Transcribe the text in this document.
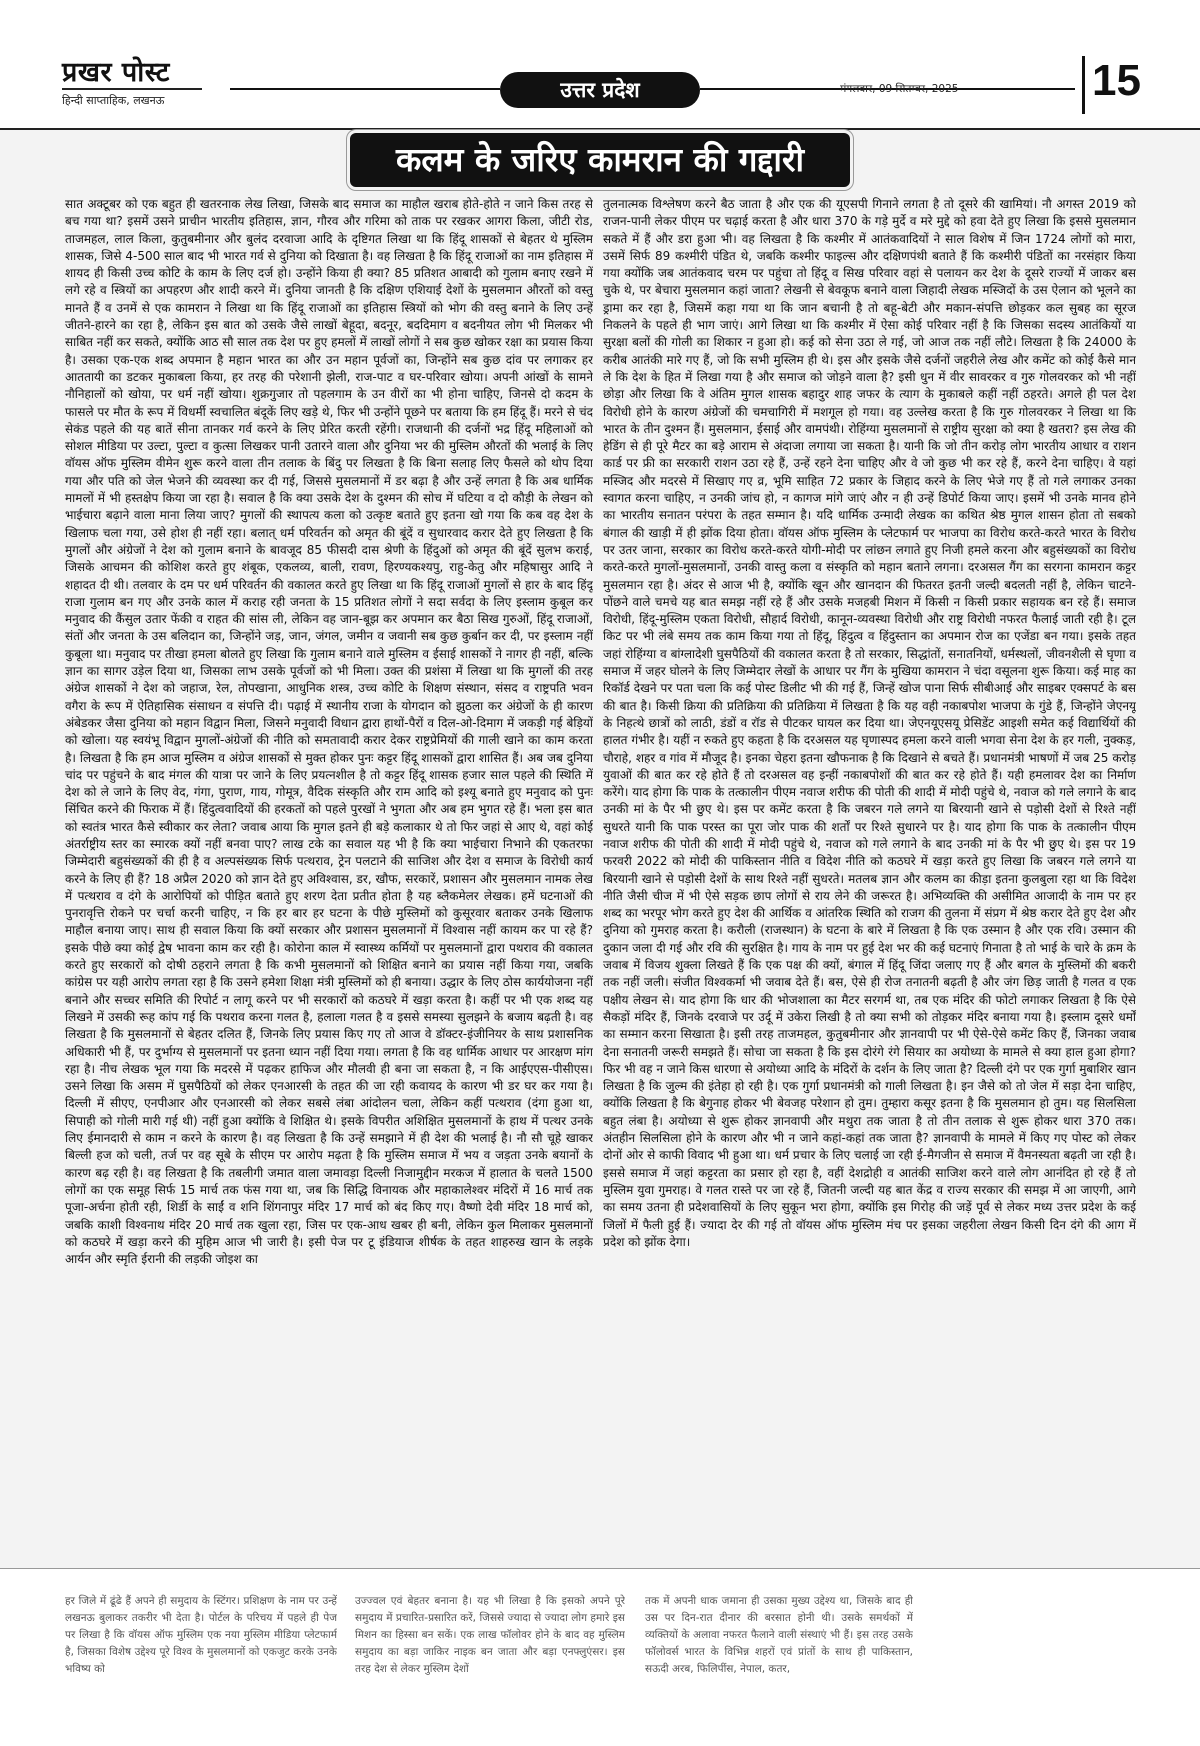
प्रखर पोस्ट
हिन्दी साप्ताहिक, लखनऊ	उत्तर प्रदेश	मंगलवार, 09 सितम्बर, 2025	15
कलम के जरिए कामरान की गद्दारी

सात अक्टूबर को एक बहुत ही खतरनाक लेख लिखा, जिसके बाद समाज का माहौल खराब होते-होते न जाने किस तरह से बच गया था? इसमें उसने प्राचीन भारतीय इतिहास, ज्ञान, गौरव और गरिमा को ताक पर रखकर आगरा किला, जीटी रोड, ताजमहल, लाल किला, कुतुबमीनार और बुलंद दरवाजा आदि के दृष्टिगत लिखा था कि हिंदू शासकों से बेहतर थे मुस्लिम शासक, जिसे 4-500 साल बाद भी भारत गर्व से दुनिया को दिखाता है। वह लिखता है कि हिंदू राजाओं का नाम इतिहास में शायद ही किसी उच्च कोटि के काम के लिए दर्ज हो। उन्होंने किया ही क्या? 85 प्रतिशत आबादी को गुलाम बनाए रखने में लगे रहे व स्त्रियों का अपहरण और शादी करने में। दुनिया जानती है कि दक्षिण एशियाई देशों के मुसलमान औरतों को वस्तु मानते हैं व उनमें से एक कामरान ने लिखा था कि हिंदू राजाओं का इतिहास स्त्रियों को भोग की वस्तु बनाने के लिए उन्हें जीतने-हारने का रहा है, लेकिन इस बात को उसके जैसे लाखों बेहूदा, बदनूर, बददिमाग व बदनीयत लोग भी मिलकर भी साबित नहीं कर सकते, क्योंकि आठ सौ साल तक देश पर हुए हमलों में लाखों लोगों ने सब कुछ खोकर रक्षा का प्रयास किया है। उसका एक-एक शब्द अपमान है महान भारत का और उन महान पूर्वजों का, जिन्होंने सब कुछ दांव पर लगाकर हर आततायी का डटकर मुकाबला किया, हर तरह की परेशानी झेली, राज-पाट व घर-परिवार खोया। अपनी आंखों के सामने नौनिहालों को खोया, पर धर्म नहीं खोया। शुक्रगुजार तो पहलगाम के उन वीरों का भी होना चाहिए, जिनसे दो कदम के फासले पर मौत के रूप में विधर्मी स्वचालित बंदूकें लिए खड़े थे, फिर भी उन्होंने पूछने पर बताया कि हम हिंदू हैं। मरने से चंद सेकंड पहले की यह बातें सीना तानकर गर्व करने के लिए प्रेरित करती रहेंगी। राजधानी की दर्जनों भद्र हिंदू महिलाओं को सोशल मीडिया पर उल्टा, पुल्टा व कुत्सा लिखकर पानी उतारने वाला और दुनिया भर की मुस्लिम औरतों की भलाई के लिए वॉयस ऑफ मुस्लिम वीमेन शुरू करने वाला तीन तलाक के बिंदु पर लिखता है कि बिना सलाह लिए फैसले को थोप दिया गया और पति को जेल भेजने की व्यवस्था कर दी गई, जिससे मुसलमानों में डर बढ़ा है और उन्हें लगता है कि अब धार्मिक मामलों में भी हस्तक्षेप किया जा रहा है। सवाल है कि क्या उसके देश के दुश्मन की सोच में घटिया व दो कौड़ी के लेखन को भाईचारा बढ़ाने वाला माना लिया जाए? मुगलों की स्थापत्य कला को उत्कृष्ट बताते हुए इतना खो गया कि कब वह देश के खिलाफ चला गया, उसे होश ही नहीं रहा। बलात् धर्म परिवर्तन को अमृत की बूंदें व सुधारवाद करार देते हुए लिखता है कि मुगलों और अंग्रेजों ने देश को गुलाम बनाने के बावजूद 85 फीसदी दास श्रेणी के हिंदुओं को अमृत की बूंदें सुलभ कराई, जिसके आचमन की कोशिश करते हुए शंबूक, एकलव्य, बाली, रावण, हिरण्यकश्यपु, राहु-केतु और महिषासुर आदि ने शहादत दी थी। तलवार के दम पर धर्म परिवर्तन की वकालत करते हुए लिखा था कि हिंदू राजाओं मुगलों से हार के बाद हिंदू राजा गुलाम बन गए और उनके काल में कराह रही जनता के 15 प्रतिशत लोगों ने सदा सर्वदा के लिए इस्लाम कुबूल कर मनुवाद की कैंसुल उतार फेंकी व राहत की सांस ली, लेकिन वह जान-बूझ कर अपमान कर बैठा सिख गुरुओं, हिंदू राजाओं, संतों और जनता के उस बलिदान का, जिन्होंने जड़, जान, जंगल, जमीन व जवानी सब कुछ कुर्बान कर दी, पर इस्लाम नहीं कुबूला था। मनुवाद पर तीखा हमला बोलते हुए लिखा कि गुलाम बनाने वाले मुस्लिम व ईसाई शासकों ने नागर ही नहीं, बल्कि ज्ञान का सागर उड़ेल दिया था, जिसका लाभ उसके पूर्वजों को भी मिला। उक्त की प्रशंसा में लिखा था कि मुगलों की तरह अंग्रेज शासकों ने देश को जहाज, रेल, तोपखाना, आधुनिक शस्त्र, उच्च कोटि के शिक्षण संस्थान, संसद व राष्ट्रपति भवन वगैरा के रूप में ऐतिहासिक संसाधन व संपत्ति दी। पढ़ाई में स्थानीय राजा के योगदान को झुठला कर अंग्रेजों के ही कारण अंबेडकर जैसा दुनिया को महान विद्वान मिला, जिसने मनुवादी विधान द्वारा हाथों-पैरों व दिल-ओ-दिमाग में जकड़ी गई बेड़ियों को खोला। यह स्वयंभू विद्वान मुगलों-अंग्रेजों की नीति को समतावादी करार देकर राष्ट्रप्रेमियों की गाली खाने का काम करता है। लिखता है कि हम आज मुस्लिम व अंग्रेज शासकों से मुक्त होकर पुनः कट्टर हिंदू शासकों द्वारा शासित हैं। अब जब दुनिया चांद पर पहुंचने के बाद मंगल की यात्रा पर जाने के लिए प्रयत्नशील है तो कट्टर हिंदू शासक हजार साल पहले की स्थिति में देश को ले जाने के लिए वेद, गंगा, पुराण, गाय, गोमूत्र, वैदिक संस्कृति और राम आदि को इश्यू बनाते हुए मनुवाद को पुनः सिंचित करने की फिराक में हैं। हिंदुत्ववादियों की हरकतों को पहले पुरखों ने भुगता और अब हम भुगत रहे हैं। भला इस बात को स्वतंत्र भारत कैसे स्वीकार कर लेता? जवाब आया कि मुगल इतने ही बड़े कलाकार थे तो फिर जहां से आए थे, वहां कोई अंतर्राष्ट्रीय स्तर का स्मारक क्यों नहीं बनवा पाए? लाख टके का सवाल यह भी है कि क्या भाईचारा निभाने की एकतरफा जिम्मेदारी बहुसंख्यकों की ही है व अल्पसंख्यक सिर्फ पत्थराव, ट्रेन पलटाने की साजिश और देश व समाज के विरोधी कार्य करने के लिए ही हैं? 18 अप्रैल 2020 को ज्ञान देते हुए अविश्वास, डर, खौफ, सरकारें, प्रशासन और मुसलमान नामक लेख में पत्थराव व दंगे के आरोपियों को पीड़ित बताते हुए शरण देता प्रतीत होता है यह ब्लैकमेलर लेखक। हमें घटनाओं की पुनरावृत्ति रोकने पर चर्चा करनी चाहिए, न कि हर बार हर घटना के पीछे मुस्लिमों को कुसूरवार बताकर उनके खिलाफ माहौल बनाया जाए। साथ ही सवाल किया कि क्यों सरकार और प्रशासन मुसलमानों में विश्वास नहीं कायम कर पा रहे हैं? इसके पीछे क्या कोई द्वेष भावना काम कर रही है। कोरोना काल में स्वास्थ्य कर्मियों पर मुसलमानों द्वारा पथराव की वकालत करते हुए सरकारों को दोषी ठहराने लगता है कि कभी मुसलमानों को शिक्षित बनाने का प्रयास नहीं किया गया, जबकि कांग्रेस पर यही आरोप लगता रहा है कि उसने हमेशा शिक्षा मंत्री मुस्लिमों को ही बनाया। उद्धार के लिए ठोस कार्ययोजना नहीं बनाने और सच्चर समिति की रिपोर्ट न लागू करने पर भी सरकारों को कठघरे में खड़ा करता है। कहीं पर भी एक शब्द यह लिखने में उसकी रूह कांप गई कि पथराव करना गलत है, हलाला गलत है व इससे समस्या सुलझने के बजाय बढ़ती है। वह लिखता है कि मुसलमानों से बेहतर दलित हैं, जिनके लिए प्रयास किए गए तो आज वे डॉक्टर-इंजीनियर के साथ प्रशासनिक अधिकारी भी हैं, पर दुर्भाग्य से मुसलमानों पर इतना ध्यान नहीं दिया गया। लगता है कि वह धार्मिक आधार पर आरक्षण मांग रहा है। नीच लेखक भूल गया कि मदरसे में पढ़कर हाफिज और मौलवी ही बना जा सकता है, न कि आईएएस-पीसीएस। उसने लिखा कि असम में घुसपैठियों को लेकर एनआरसी के तहत की जा रही कवायद के कारण भी डर घर कर गया है। दिल्ली में सीएए, एनपीआर और एनआरसी को लेकर सबसे लंबा आंदोलन चला, लेकिन कहीं पत्थराव (दंगा हुआ था, सिपाही को गोली मारी गई थी) नहीं हुआ क्योंकि वे शिक्षित थे। इसके विपरीत अशिक्षित मुसलमानों के हाथ में पत्थर उनके लिए ईमानदारी से काम न करने के कारण है। वह लिखता है कि उन्हें समझाने में ही देश की भलाई है। नौ सौ चूहे खाकर बिल्ली हज को चली, तर्ज पर वह सूबे के सीएम पर आरोप मढ़ता है कि मुस्लिम समाज में भय व जड़ता उनके बयानों के कारण बढ़ रही है। वह लिखता है कि तबलीगी जमात वाला जमावड़ा दिल्ली निजामुद्दीन मरकज में हालात के चलते 1500 लोगों का एक समूह सिर्फ 15 मार्च तक फंस गया था, जब कि सिद्धि विनायक और महाकालेश्वर मंदिरों में 16 मार्च तक पूजा-अर्चना होती रही, शिर्डी के साईं व शनि शिंगनापुर मंदिर 17 मार्च को बंद किए गए। वैष्णो देवी मंदिर 18 मार्च को, जबकि काशी विश्वनाथ मंदिर 20 मार्च तक खुला रहा, जिस पर एक-आध खबर ही बनी, लेकिन कुल मिलाकर मुसलमानों को कठघरे में खड़ा करने की मुहिम आज भी जारी है। इसी पेज पर टू इंडियाज शीर्षक के तहत शाहरुख खान के लड़के आर्यन और स्मृति ईरानी की लड़की जोइश का

तुलनात्मक विश्लेषण करने बैठ जाता है और एक की यूएसपी गिनाने लगता है तो दूसरे की खामियां। नौ अगस्त 2019 को राजन-पानी लेकर पीएम पर चढ़ाई करता है और धारा 370 के गड़े मुर्दे व मरे मुद्दे को हवा देते हुए लिखा कि इससे मुसलमान सकते में हैं और डरा हुआ भी। वह लिखता है कि कश्मीर में आतंकवादियों ने साल विशेष में जिन 1724 लोगों को मारा, उसमें सिर्फ 89 कश्मीरी पंडित थे, जबकि कश्मीर फाइल्स और दक्षिणपंथी बताते हैं कि कश्मीरी पंडितों का नरसंहार किया गया क्योंकि जब आतंकवाद चरम पर पहुंचा तो हिंदू व सिख परिवार वहां से पलायन कर देश के दूसरे राज्यों में जाकर बस चुके थे, पर बेचारा मुसलमान कहां जाता? लेखनी से बेवकूफ बनाने वाला जिहादी लेखक मस्जिदों के उस ऐलान को भूलने का ड्रामा कर रहा है, जिसमें कहा गया था कि जान बचानी है तो बहू-बेटी और मकान-संपत्ति छोड़कर कल सुबह का सूरज निकलने के पहले ही भाग जाएं। आगे लिखा था कि कश्मीर में ऐसा कोई परिवार नहीं है कि जिसका सदस्य आतंकियों या सुरक्षा बलों की गोली का शिकार न हुआ हो। कई को सेना उठा ले गई, जो आज तक नहीं लौटे। लिखता है कि 24000 के करीब आतंकी मारे गए हैं, जो कि सभी मुस्लिम ही थे। इस और इसके जैसे दर्जनों जहरीले लेख और कमेंट को कोई कैसे मान ले कि देश के हित में लिखा गया है और समाज को जोड़ने वाला है? इसी धुन में वीर सावरकर व गुरु गोलवरकर को भी नहीं छोड़ा और लिखा कि वे अंतिम मुगल शासक बहादुर शाह जफर के त्याग के मुकाबले कहीं नहीं ठहरते। अगले ही पल देश विरोधी होने के कारण अंग्रेजों की चमचागिरी में मशगूल हो गया। वह उल्लेख करता है कि गुरु गोलवरकर ने लिखा था कि भारत के तीन दुश्मन हैं। मुसलमान, ईसाई और वामपंथी। रोहिंग्या मुसलमानों से राष्ट्रीय सुरक्षा को क्या है खतरा? इस लेख की हेडिंग से ही पूरे मैटर का बड़े आराम से अंदाजा लगाया जा सकता है। यानी कि जो तीन करोड़ लोग भारतीय आधार व राशन कार्ड पर फ्री का सरकारी राशन उठा रहे हैं, उन्हें रहने देना चाहिए और वे जो कुछ भी कर रहे हैं, करने देना चाहिए। वे यहां मस्जिद और मदरसे में सिखाए गए व्र, भूमि साहित 72 प्रकार के जिहाद करने के लिए भेजे गए हैं तो गले लगाकर उनका स्वागत करना चाहिए, न उनकी जांच हो, न कागज मांगे जाएं और न ही उन्हें डिपोर्ट किया जाए। इसमें भी उनके मानव होने का भारतीय सनातन परंपरा के तहत सम्मान है। यदि धार्मिक उन्मादी लेखक का कथित श्रेष्ठ मुगल शासन होता तो सबको बंगाल की खाड़ी में ही झोंक दिया होता। वॉयस ऑफ मुस्लिम के प्लेटफार्म पर भाजपा का विरोध करते-करते भारत के विरोध पर उतर जाना, सरकार का विरोध करते-करते योगी-मोदी पर लांछन लगाते हुए निजी हमले करना और बहुसंख्यकों का विरोध करते-करते मुगलों-मुसलमानों, उनकी वास्तु कला व संस्कृति को महान बताने लगना। दरअसल गैंग का सरगना कामरान कट्टर मुसलमान रहा है। अंदर से आज भी है, क्योंकि खून और खानदान की फितरत इतनी जल्दी बदलती नहीं है, लेकिन चाटने-पोंछने वाले चमचे यह बात समझ नहीं रहे हैं और उसके मजहबी मिशन में किसी न किसी प्रकार सहायक बन रहे हैं। समाज विरोधी, हिंदू-मुस्लिम एकता विरोधी, सौहार्द विरोधी, कानून-व्यवस्था विरोधी और राष्ट्र विरोधी नफरत फैलाई जाती रही है। टूल किट पर भी लंबे समय तक काम किया गया तो हिंदू, हिंदुत्व व हिंदुस्तान का अपमान रोज का एजेंडा बन गया। इसके तहत जहां रोहिंग्या व बांग्लादेशी घुसपैठियों की वकालत करता है तो सरकार, सिद्धांतों, सनातनियों, धर्मस्थलों, जीवनशैली से घृणा व समाज में जहर घोलने के लिए जिम्मेदार लेखों के आधार पर गैंग के मुखिया कामरान ने चंदा वसूलना शुरू किया। कई माह का रिकॉर्ड देखने पर पता चला कि कई पोस्ट डिलीट भी की गई हैं, जिन्हें खोज पाना सिर्फ सीबीआई और साइबर एक्सपर्ट के बस की बात है। किसी क्रिया की प्रतिक्रिया की प्रतिक्रिया में लिखता है कि यह वही नकाबपोश भाजपा के गुंडे हैं, जिन्होंने जेएनयू के निहत्थे छात्रों को लाठी, डंडों व रॉड से पीटकर घायल कर दिया था। जेएनयूएसयू प्रेसिडेंट आइशी समेत कई विद्यार्थियों की हालत गंभीर है। यहीं न रुकते हुए कहता है कि दरअसल यह घृणास्पद हमला करने वाली भगवा सेना देश के हर गली, नुक्कड़, चौराहे, शहर व गांव में मौजूद है। इनका चेहरा इतना खौफनाक है कि दिखाने से बचते हैं। प्रधानमंत्री भाषणों में जब 25 करोड़ युवाओं की बात कर रहे होते हैं तो दरअसल वह इन्हीं नकाबपोशों की बात कर रहे होते हैं। यही हमलावर देश का निर्माण करेंगे। याद होगा कि पाक के तत्कालीन पीएम नवाज शरीफ की पोती की शादी में मोदी पहुंचे थे, नवाज को गले लगाने के बाद उनकी मां के पैर भी छुए थे। इस पर कमेंट करता है कि जबरन गले लगने या बिरयानी खाने से पड़ोसी देशों से रिश्ते नहीं सुधरते यानी कि पाक परस्त का पूरा जोर पाक की शर्तों पर रिश्ते सुधारने पर है। याद होगा कि पाक के तत्कालीन पीएम नवाज शरीफ की पोती की शादी में मोदी पहुंचे थे, नवाज को गले लगाने के बाद उनकी मां के पैर भी छुए थे। इस पर 19 फरवरी 2022 को मोदी की पाकिस्तान नीति व विदेश नीति को कठघरे में खड़ा करते हुए लिखा कि जबरन गले लगने या बिरयानी खाने से पड़ोसी देशों के साथ रिश्ते नहीं सुधरते। मतलब ज्ञान और कलम का कीड़ा इतना कुलबुला रहा था कि विदेश नीति जैसी चीज में भी ऐसे सड़क छाप लोगों से राय लेने की जरूरत है। अभिव्यक्ति की असीमित आजादी के नाम पर हर शब्द का भरपूर भोग करते हुए देश की आर्थिक व आंतरिक स्थिति को राजग की तुलना में संप्रग में श्रेष्ठ करार देते हुए देश और दुनिया को गुमराह करता है। करौली (राजस्थान) के घटना के बारे में लिखता है कि एक उस्मान है और एक रवि। उस्मान की दुकान जला दी गई और रवि की सुरक्षित है। गाय के नाम पर हुई देश भर की कई घटनाएं गिनाता है तो भाई के चारे के क्रम के जवाब में विजय शुक्ला लिखते हैं कि एक पक्ष की क्यों, बंगाल में हिंदू जिंदा जलाए गए हैं और बगल के मुस्लिमों की बकरी तक नहीं जली। संजीत विश्वकर्मा भी जवाब देते हैं। बस, ऐसे ही रोज तनातनी बढ़ती है और जंग छिड़ जाती है गलत व एक पक्षीय लेखन से। याद होगा कि धार की भोजशाला का मैटर सरगर्म था, तब एक मंदिर की फोटो लगाकर लिखता है कि ऐसे सैकड़ों मंदिर हैं, जिनके दरवाजे पर उर्दू में उकेरा लिखी है तो क्या सभी को तोड़कर मंदिर बनाया गया है। इस्लाम दूसरे धर्मों का सम्मान करना सिखाता है। इसी तरह ताजमहल, कुतुबमीनार और ज्ञानवापी पर भी ऐसे-ऐसे कमेंट किए हैं, जिनका जवाब देना सनातनी जरूरी समझते हैं। सोचा जा सकता है कि इस दोरंगे रंगे सियार का अयोध्या के मामले से क्या हाल हुआ होगा? फिर भी वह न जाने किस धारणा से अयोध्या आदि के मंदिरों के दर्शन के लिए जाता है? दिल्ली दंगे पर एक गुर्गा मुबाशिर खान लिखता है कि जुल्म की इंतेहा हो रही है। एक गुर्गा प्रधानमंत्री को गाली लिखता है। इन जैसे को तो जेल में सड़ा देना चाहिए, क्योंकि लिखता है कि बेगुनाह होकर भी बेवजह परेशान हो तुम। तुम्हारा कसूर इतना है कि मुसलमान हो तुम। यह सिलसिला बहुत लंबा है। अयोध्या से शुरू होकर ज्ञानवापी और मथुरा तक जाता है तो तीन तलाक से शुरू होकर धारा 370 तक। अंतहीन सिलसिला होने के कारण और भी न जाने कहां-कहां तक जाता है? ज्ञानवापी के मामले में किए गए पोस्ट को लेकर दोनों ओर से काफी विवाद भी हुआ था। धर्म प्रचार के लिए चलाई जा रही ई-मैगजीन से समाज में वैमनस्यता बढ़ती जा रही है। इससे समाज में जहां कट्टरता का प्रसार हो रहा है, वहीं देशद्रोही व आतंकी साजिश करने वाले लोग आनंदित हो रहे हैं तो मुस्लिम युवा गुमराह। वे गलत रास्ते पर जा रहे हैं, जितनी जल्दी यह बात केंद्र व राज्य सरकार की समझ में आ जाएगी, आगे का समय उतना ही प्रदेशवासियों के लिए सुकून भरा होगा, क्योंकि इस गिरोह की जड़ें पूर्व से लेकर मध्य उत्तर प्रदेश के कई जिलों में फैली हुई हैं। ज्यादा देर की गई तो वॉयस ऑफ मुस्लिम मंच पर इसका जहरीला लेखन किसी दिन दंगे की आग में प्रदेश को झोंक देगा।

हर जिले में ढूंढे हैं अपने ही समुदाय के स्टिंगर। प्रशिक्षण के नाम पर उन्हें लखनऊ बुलाकर तकरीर भी देता है। पोर्टल के परिचय में पहले ही पेज पर लिखा है कि वॉयस ऑफ मुस्लिम एक नया मुस्लिम मीडिया प्लेटफार्म है, जिसका विशेष उद्देश्य पूरे विश्व के मुसलमानों को एकजुट करके उनके भविष्य को
उज्ज्वल एवं बेहतर बनाना है। यह भी लिखा है कि इसको अपने पूरे समुदाय में प्रचारित-प्रसारित करें, जिससे ज्यादा से ज्यादा लोग हमारे इस मिशन का हिस्सा बन सकें। एक लाख फॉलोवर होने के बाद वह मुस्लिम समुदाय का बड़ा जाकिर नाइक बन जाता और बड़ा एनफ्लुएंसर। इस तरह देश से लेकर मुस्लिम देशों
तक में अपनी धाक जमाना ही उसका मुख्य उद्देश्य था, जिसके बाद ही उस पर दिन-रात दीनार की बरसात होनी थी। उसके समर्थकों में व्यक्तियों के अलावा नफरत फैलाने वाली संस्थाएं भी हैं। इस तरह उसके फॉलोवर्स भारत के विभिन्न शहरों एवं प्रांतों के साथ ही पाकिस्तान, सऊदी अरब, फिलिपींस, नेपाल, कतर,
